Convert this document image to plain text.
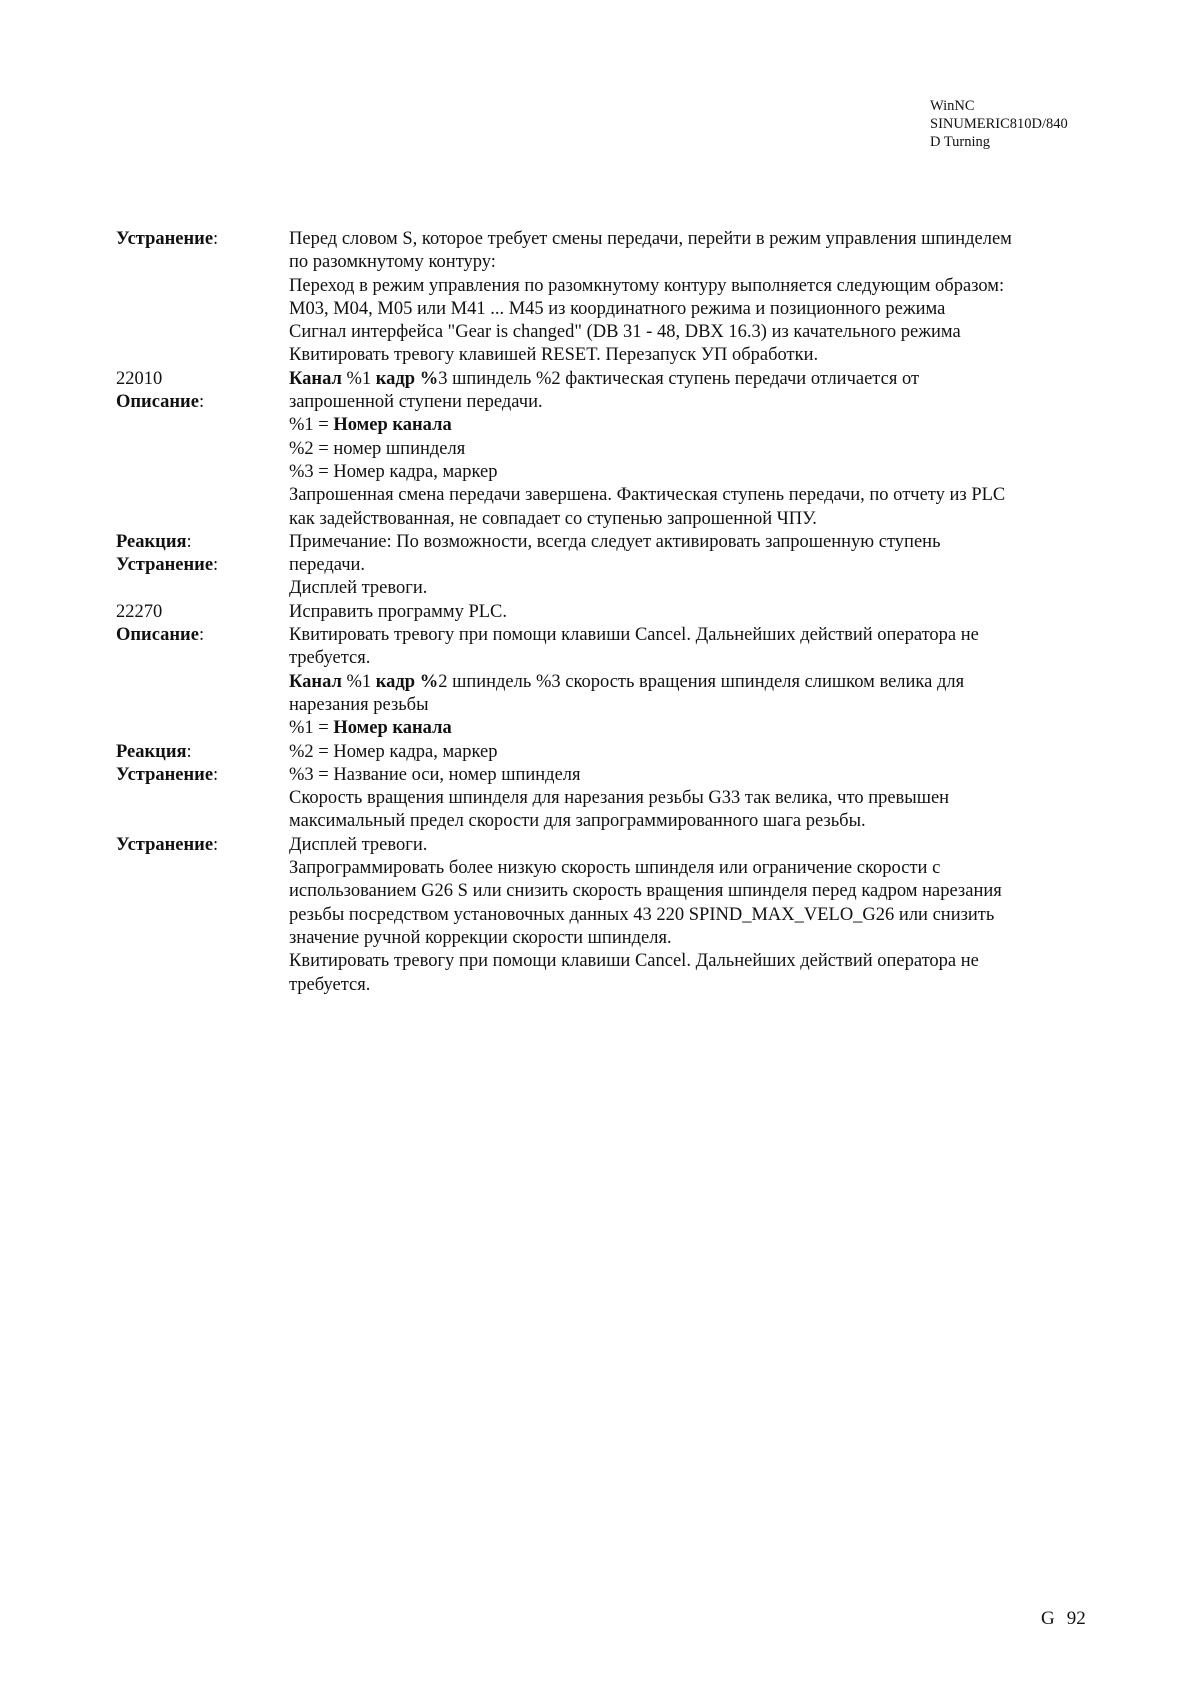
WinNC
SINUMERIC810D/840
D Turning
Устранение:
22010
Описание:
Реакция:
Устранение:
22270
Описание:
Реакция:
Устранение:
Устранение:
Перед словом S, которое требует смены передачи, перейти в режим управления шпинделем
по разомкнутому контуру:
Переход в режим управления по разомкнутому контуру выполняется следующим образом:
M03, M04, M05 или M41 ... M45 из координатного режима и позиционного режима
Сигнал интерфейса "Gear is changed" (DB 31 - 48, DBX 16.3) из качательного режима
Квитировать тревогу клавишей RESET. Перезапуск УП обработки.
Канал %1 кадр %3 шпиндель %2 фактическая ступень передачи отличается от
запрошенной ступени передачи.
%1 = Номер канала
%2 = номер шпинделя
%3 = Номер кадра, маркер
Запрошенная смена передачи завершена. Фактическая ступень передачи, по отчету из PLC
как задействованная, не совпадает со ступенью запрошенной ЧПУ.
Примечание: По возможности, всегда следует активировать запрошенную ступень
передачи.
Дисплей тревоги.
Исправить программу PLC.
Квитировать тревогу при помощи клавиши Cancel. Дальнейших действий оператора не
требуется.
Канал %1 кадр %2 шпиндель %3 скорость вращения шпинделя слишком велика для
нарезания резьбы
%1 = Номер канала
%2 = Номер кадра, маркер
%3 = Название оси, номер шпинделя
Скорость вращения шпинделя для нарезания резьбы G33 так велика, что превышен
максимальный предел скорости для запрограммированного шага резьбы.
Дисплей тревоги.
Запрограммировать более низкую скорость шпинделя или ограничение скорости с
использованием G26 S или снизить скорость вращения шпинделя перед кадром нарезания
резьбы посредством установочных данных 43 220 SPIND_MAX_VELO_G26 или снизить
значение ручной коррекции скорости шпинделя.
Квитировать тревогу при помощи клавиши Cancel. Дальнейших действий оператора не
требуется.
G 92
